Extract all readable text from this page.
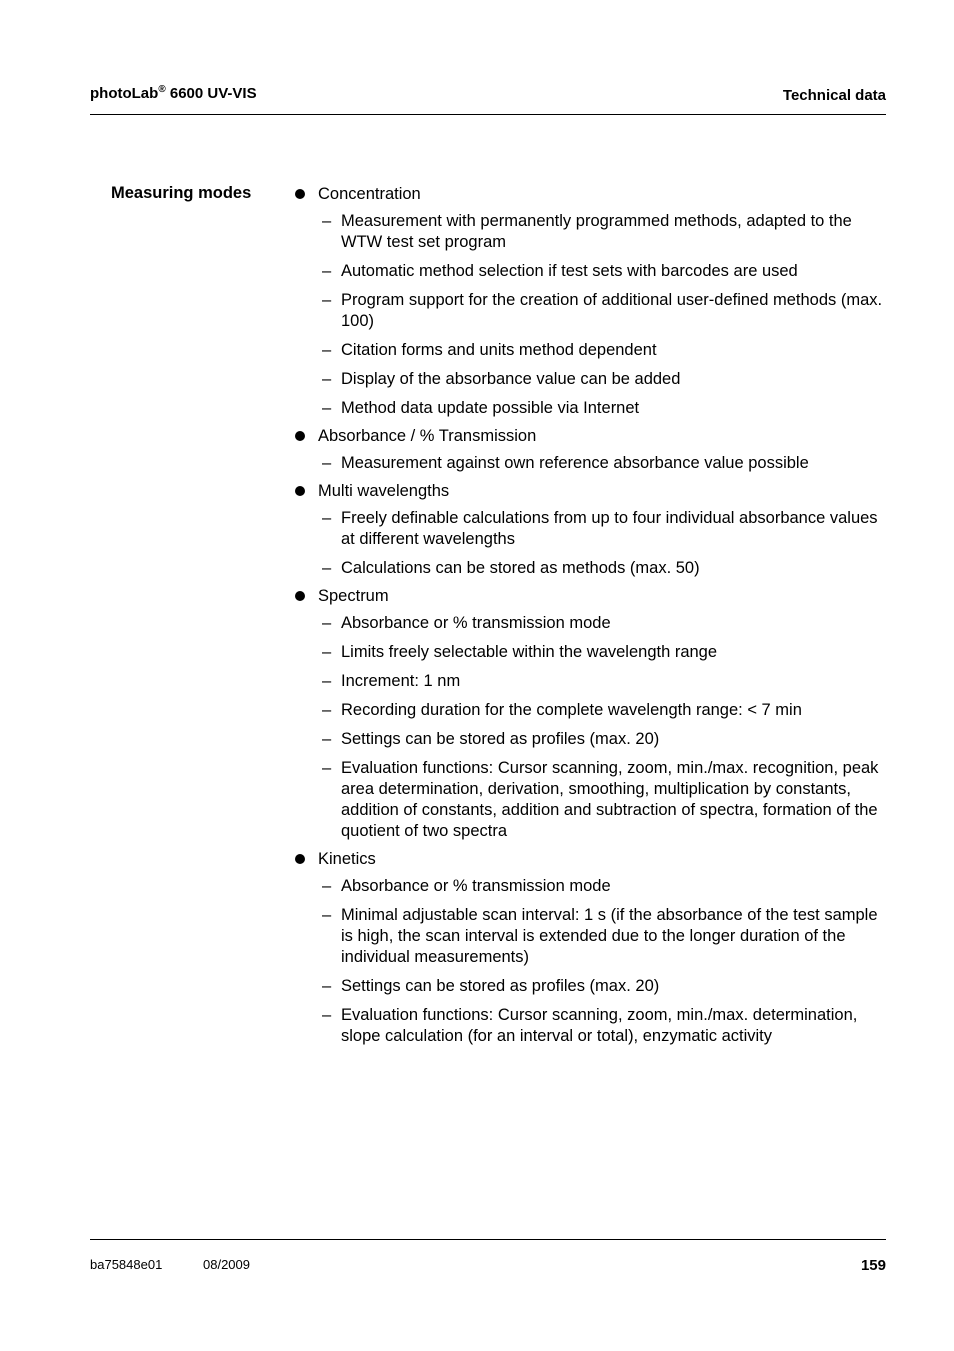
photoLab® 6600 UV-VIS	Technical data
Measuring modes	Concentration
– Measurement with permanently programmed methods, adapted to the WTW test set program
– Automatic method selection if test sets with barcodes are used
– Program support for the creation of additional user-defined methods (max. 100)
– Citation forms and units method dependent
– Display of the absorbance value can be added
– Method data update possible via Internet
Absorbance / % Transmission
– Measurement against own reference absorbance value possible
Multi wavelengths
– Freely definable calculations from up to four individual absorbance values at different wavelengths
– Calculations can be stored as methods (max. 50)
Spectrum
– Absorbance or % transmission mode
– Limits freely selectable within the wavelength range
– Increment: 1 nm
– Recording duration for the complete wavelength range: < 7 min
– Settings can be stored as profiles (max. 20)
– Evaluation functions: Cursor scanning, zoom, min./max. recognition, peak area determination, derivation, smoothing, multiplication by constants, addition of constants, addition and subtraction of spectra, formation of the quotient of two spectra
Kinetics
– Absorbance or % transmission mode
– Minimal adjustable scan interval: 1 s (if the absorbance of the test sample is high, the scan interval is extended due to the longer duration of the individual measurements)
– Settings can be stored as profiles (max. 20)
– Evaluation functions: Cursor scanning, zoom, min./max. determination, slope calculation (for an interval or total), enzymatic activity
ba75848e01	08/2009	159
